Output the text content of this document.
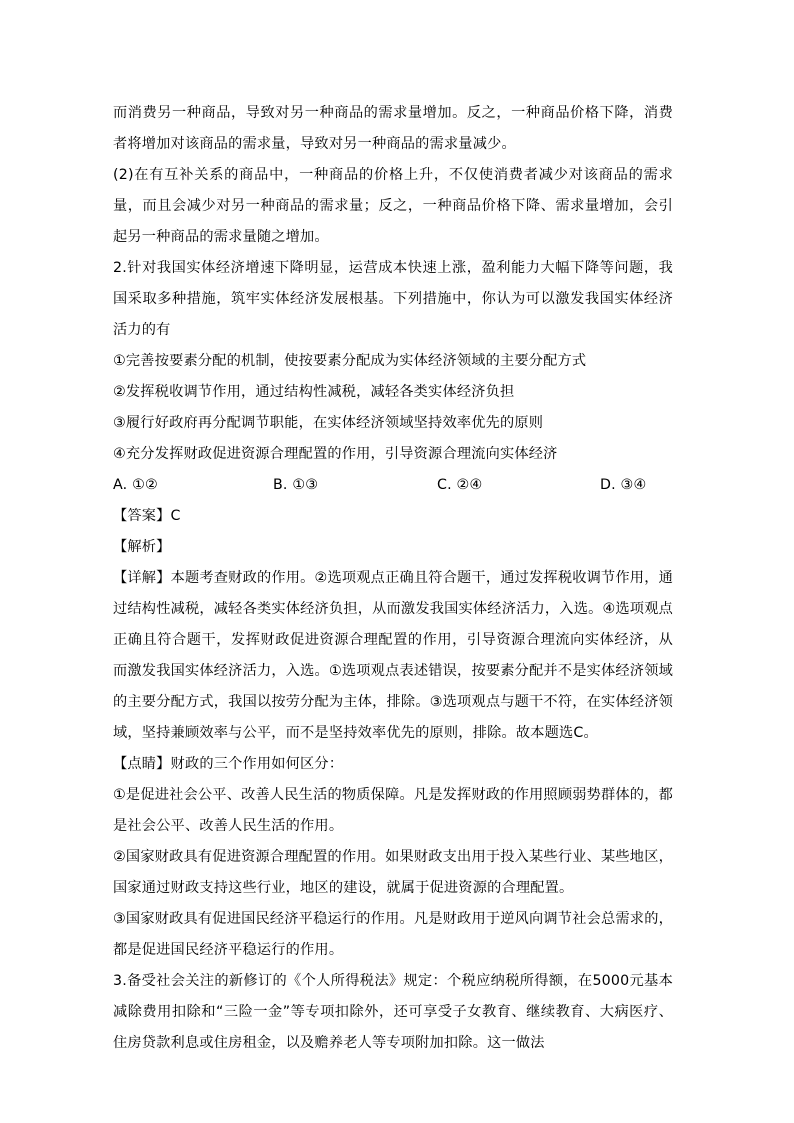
而消费另一种商品，导致对另一种商品的需求量增加。反之，一种商品价格下降，消费者将增加对该商品的需求量，导致对另一种商品的需求量减少。

(2)在有互补关系的商品中，一种商品的价格上升，不仅使消费者减少对该商品的需求量，而且会减少对另一种商品的需求量；反之，一种商品价格下降、需求量增加，会引起另一种商品的需求量随之增加。

2.针对我国实体经济增速下降明显，运营成本快速上涨，盈利能力大幅下降等问题，我国采取多种措施，筑牢实体经济发展根基。下列措施中，你认为可以激发我国实体经济活力的有

①完善按要素分配的机制，使按要素分配成为实体经济领域的主要分配方式

②发挥税收调节作用，通过结构性减税，减轻各类实体经济负担

③履行好政府再分配调节职能，在实体经济领域坚持效率优先的原则

④充分发挥财政促进资源合理配置的作用，引导资源合理流向实体经济

A. ①②	B. ①③	C. ②④	D. ③④

【答案】C

【解析】

【详解】本题考查财政的作用。②选项观点正确且符合题干，通过发挥税收调节作用，通过结构性减税，减轻各类实体经济负担，从而激发我国实体经济活力，入选。④选项观点正确且符合题干，发挥财政促进资源合理配置的作用，引导资源合理流向实体经济，从而激发我国实体经济活力，入选。①选项观点表述错误，按要素分配并不是实体经济领域的主要分配方式，我国以按劳分配为主体，排除。③选项观点与题干不符，在实体经济领域，坚持兼顾效率与公平，而不是坚持效率优先的原则，排除。故本题选C。

【点睛】财政的三个作用如何区分：

①是促进社会公平、改善人民生活的物质保障。凡是发挥财政的作用照顾弱势群体的，都是社会公平、改善人民生活的作用。

②国家财政具有促进资源合理配置的作用。如果财政支出用于投入某些行业、某些地区，国家通过财政支持这些行业，地区的建设，就属于促进资源的合理配置。

③国家财政具有促进国民经济平稳运行的作用。凡是财政用于逆风向调节社会总需求的，都是促进国民经济平稳运行的作用。

3.备受社会关注的新修订的《个人所得税法》规定：个税应纳税所得额，在5000元基本减除费用扣除和“三险一金”等专项扣除外，还可享受子女教育、继续教育、大病医疗、住房贷款利息或住房租金，以及赡养老人等专项附加扣除。这一做法
